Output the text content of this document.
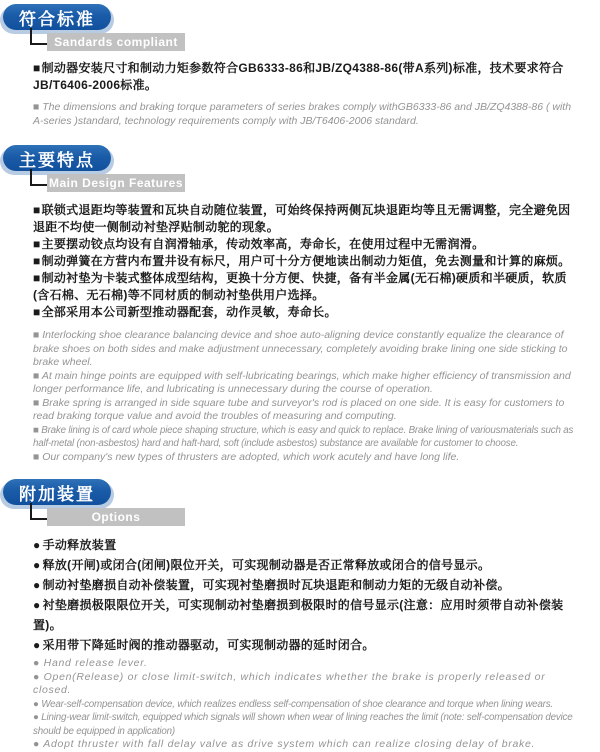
符合标准
Sandards compliant

■ 制动器安装尺寸和制动力矩参数符合GB6333-86和JB/ZQ4388-86(带A系列)标准，技术要求符合JB/T6406-2006标准。

■ The dimensions and braking torque parameters of series brakes comply withGB6333-86 and JB/ZQ4388-86 ( with A-series )standard, technology requirements comply with JB/T6406-2006 standard.

主要特点
Main Design Features

■ 联锁式退距均等装置和瓦块自动随位装置，可始终保持两侧瓦块退距均等且无需调整，完全避免因退距不均使一侧制动衬垫浮贴制动鸵的现象。

■ 主要摆动铰点均设有自润滑轴承，传动效率高，寿命长，在使用过程中无需润滑。

■ 制动弹簧在方营内布置井设有标尺，用户可十分方便地读出制动力矩值，免去测量和计算的麻烦。

■ 制动衬垫为卡装式整体成型结构，更换十分方便、快捷，备有半金属(无石棉)硬质和半硬质，软质(含石棉、无石棉)等不同材质的制动衬垫供用户选择。

■ 全部采用本公司新型推动器配套，动作灵敏，寿命长。

■ Interlocking shoe clearance balancing device and shoe auto-aligning device constantly equalize the clearance of brake shoes on both sides and make adjustment unnecessary, completely avoiding brake lining one side sticking to brake wheel.

■ At main hinge points are equipped with self-lubricating bearings, which make higher efficiency of transmission and longer performance life, and lubricating is unnecessary during the course of operation.

■ Brake spring is arranged in side square tube and surveyor's rod is placed on one side. It is easy for customers to read braking torque value and avoid the troubles of measuring and computing.

■ Brake lining is of card whole piece shaping structure, which is easy and quick to replace. Brake lining of variousmaterials such as half-metal (non-asbestos) hard and haft-hard, soft (include asbestos) substance are available for customer to choose.

■ Our company's new types of thrusters are adopted, which work acutely and have long life.

附加装置
Options

● 手动释放装置

● 释放(开闸)或闭合(闭闸)限位开关，可实现制动器是否正常释放或闭合的信号显示。

● 制动衬垫磨损自动补偿装置，可实现衬垫磨损时瓦块退距和制动力矩的无级自动补偿。

● 衬垫磨损极限限位开关，可实现制动衬垫磨损到极限时的信号显示(注意：应用时须带自动补偿装置)。

● 采用带下降延时阀的推动器驱动，可实现制动器的延时闭合。

● Hand release lever.

● Open(Release) or close limit-switch, which indicates whether the brake is properly released or closed.

● Wear-self-compensation device, which realizes endless self-compensation of shoe clearance and torque when lining wears.

● Lining-wear limit-switch, equipped which signals will shown when wear of lining reaches the limit (note: self-compensation device should be equipped in application)

● Adopt thruster with fall delay valve as drive system which can realize closing delay of brake.
